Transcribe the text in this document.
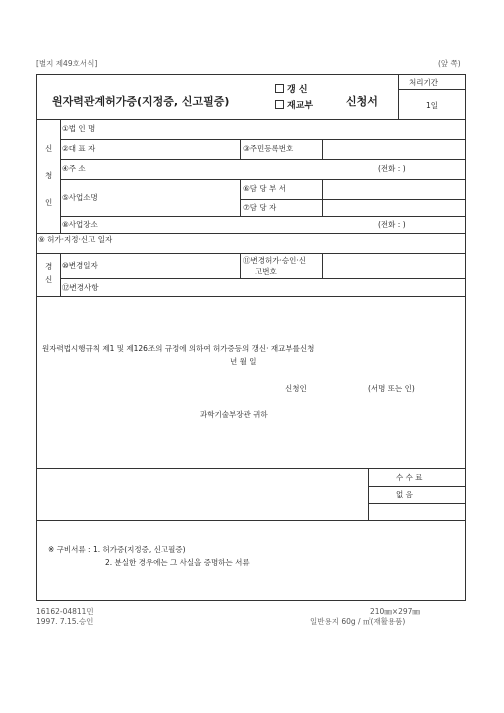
[별지 제49호서식]	(앞 쪽)
원자력관계허가증(지정증, 신고필증)
갱 신
재교부	신청서
처리기간
1일
신
청
인
①법 인 명
②대 표 자	③주민등록번호
④주 소	(전화 : )
⑤사업소명
⑥담 당 부 서
⑦담 당 자
⑧사업장소	(전화 : )
⑨ 허가·지정·신고 일자
경
신
⑩변경일자
⑪변경허가·승인·신
고번호
⑫변경사항
원자력법시행규칙 제1 및 제126조의 규정에 의하여 허가증등의 갱신· 재교부를신청
년 월 일
신청인	(서명 또는 인)
과학기술부장관 귀하
수 수 료
없 음
※ 구비서류 : 1. 허가증(지정증, 신고필증)
2. 분실한 경우에는 그 사실을 증명하는 서류
16162-04811민
1997. 7.15.승인
210㎜×297㎜
일반용지 60g / ㎡(재활용품)
